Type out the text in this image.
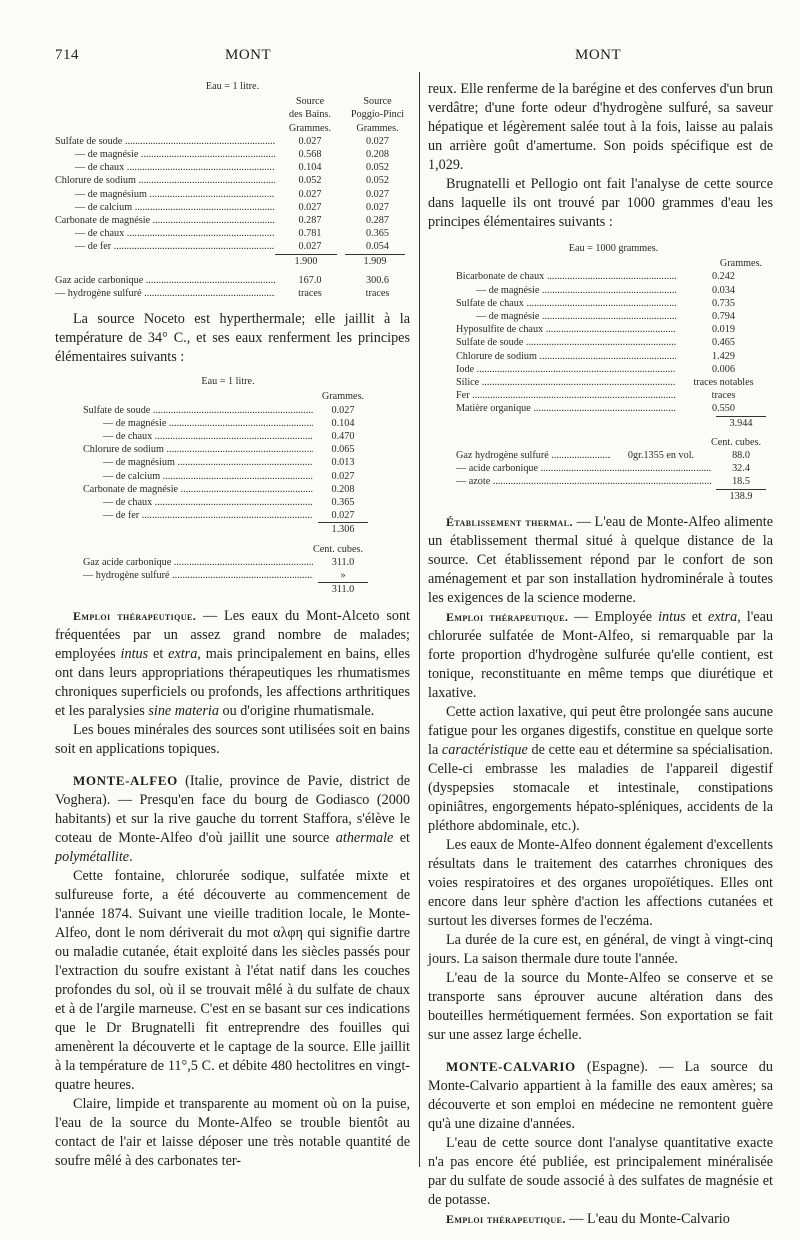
714	MONT	MONT
Eau = 1 litre.
Source	Source
des Bains.	Poggio-Pinci
Grammes.	Grammes.
Sulfate de soude .....	0.027	0.027
— de magnésie .....	0.568	0.208
— de chaux .....	0.104	0.052
Chlorure de sodium .....	0.052	0.052
— de magnésium .....	0.027	0.027
— de calcium .....	0.027	0.027
Carbonate de magnésie .....	0.287	0.287
— de chaux .....	0.781	0.365
— de fer .....	0.027	0.054
1.900	1.909
Gaz acide carbonique .....	167.0	300.6
— hydrogène sulfuré .....	traces	traces

La source Noceto est hyperthermale; elle jaillit à la température de 34° C., et ses eaux renferment les principes élémentaires suivants :

Eau = 1 litre.
Grammes.
Sulfate de soude .....	0.027
— de magnésie .....	0.104
— de chaux .....	0.470
Chlorure de sodium .....	0.065
— de magnésium .....	0.013
— de calcium .....	0.027
Carbonate de magnésie .....	0.208
— de chaux .....	0.365
— de fer .....	0.027
1.306
Cent. cubes.
Gaz acide carbonique .....	311.0
— hydrogène sulfuré .....	»
311.0

Emploi thérapeutique. — Les eaux du Mont-Alceto sont fréquentées par un assez grand nombre de malades; employées intus et extra, mais principalement en bains, elles ont dans leurs appropriations thérapeutiques les rhumatismes chroniques superficiels ou profonds, les affections arthritiques et les paralysies sine materia ou d'origine rhumatismale.

Les boues minérales des sources sont utilisées soit en bains soit en applications topiques.

MONTE-ALFEO (Italie, province de Pavie, district de Voghera). — Presqu'en face du bourg de Godiasco (2000 habitants) et sur la rive gauche du torrent Staffora, s'élève le coteau de Monte-Alfeo d'où jaillit une source athermale et polymétallite.

Cette fontaine, chlorurée sodique, sulfatée mixte et sulfureuse forte, a été découverte au commencement de l'année 1874. Suivant une vieille tradition locale, le Monte-Alfeo, dont le nom dériverait du mot αλφη qui signifie dartre ou maladie cutanée, était exploité dans les siècles passés pour l'extraction du soufre existant à l'état natif dans les couches profondes du sol, où il se trouvait mêlé à du sulfate de chaux et à de l'argile marneuse. C'est en se basant sur ces indications que le Dr Brugnatelli fit entreprendre des fouilles qui amenèrent la découverte et le captage de la source. Elle jaillit à la température de 11°,5 C. et débite 480 hectolitres en vingt-quatre heures.

Claire, limpide et transparente au moment où on la puise, l'eau de la source du Monte-Alfeo se trouble bientôt au contact de l'air et laisse déposer une très notable quantité de soufre mêlé à des carbonates ter-

reux. Elle renferme de la barégine et des conferves d'un brun verdâtre; d'une forte odeur d'hydrogène sulfuré, sa saveur hépatique et légèrement salée tout à la fois, laisse au palais un arrière goût d'amertume. Son poids spécifique est de 1,029.

Brugnatelli et Pellogio ont fait l'analyse de cette source dans laquelle ils ont trouvé par 1000 grammes d'eau les principes élémentaires suivants :

Eau = 1000 grammes.
Grammes.
Bicarbonate de chaux .....	0.242
— de magnésie .....	0.034
Sulfate de chaux .....	0.735
— de magnésie .....	0.794
Hyposulfite de chaux .....	0.019
Sulfate de soude .....	0.465
Chlorure de sodium .....	1.429
Iode .....	0.006
Silice .....	traces notables
Fer .....	traces
Matière organique .....	0.550
3.944
Cent. cubes.
Gaz hydrogène sulfuré .....	0gr.1355 en vol.	88.0
— acide carbonique .....	32.4
— azote .....	18.5
138.9

Établissement thermal. — L'eau de Monte-Alfeo alimente un établissement thermal situé à quelque distance de la source. Cet établissement répond par le confort de son aménagement et par son installation hydrominérale à toutes les exigences de la science moderne.

Emploi thérapeutique. — Employée intus et extra, l'eau chlorurée sulfatée de Mont-Alfeo, si remarquable par la forte proportion d'hydrogène sulfurée qu'elle contient, est tonique, reconstituante en même temps que diurétique et laxative.

Cette action laxative, qui peut être prolongée sans aucune fatigue pour les organes digestifs, constitue en quelque sorte la caractéristique de cette eau et détermine sa spécialisation. Celle-ci embrasse les maladies de l'appareil digestif (dyspepsies stomacale et intestinale, constipations opiniâtres, engorgements hépato-spléniques, accidents de la pléthore abdominale, etc.).

Les eaux de Monte-Alfeo donnent également d'excellents résultats dans le traitement des catarrhes chroniques des voies respiratoires et des organes uropoïétiques. Elles ont encore dans leur sphère d'action les affections cutanées et surtout les diverses formes de l'eczéma.

La durée de la cure est, en général, de vingt à vingt-cinq jours. La saison thermale dure toute l'année.

L'eau de la source du Monte-Alfeo se conserve et se transporte sans éprouver aucune altération dans des bouteilles hermétiquement fermées. Son exportation se fait sur une assez large échelle.

MONTE-CALVARIO (Espagne). — La source du Monte-Calvario appartient à la famille des eaux amères; sa découverte et son emploi en médecine ne remontent guère qu'à une dizaine d'années.

L'eau de cette source dont l'analyse quantitative exacte n'a pas encore été publiée, est principalement minéralisée par du sulfate de soude associé à des sulfates de magnésie et de potasse.

Emploi thérapeutique. — L'eau du Monte-Calvario
